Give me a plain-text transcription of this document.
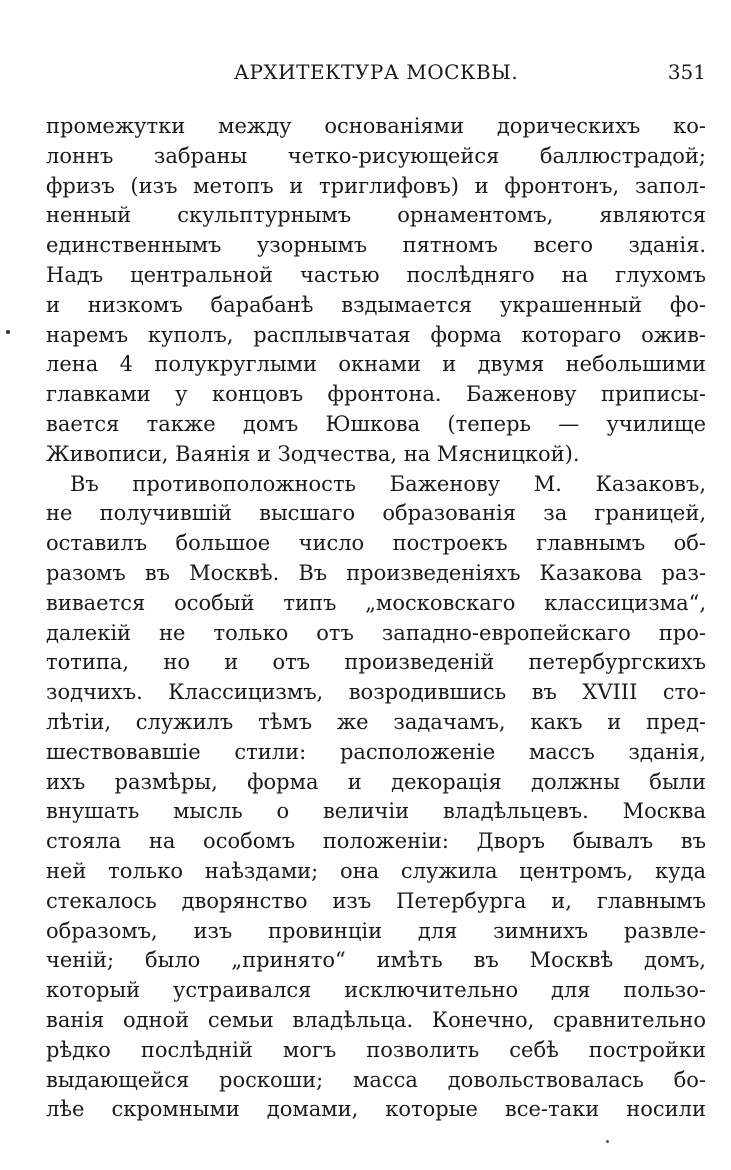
АРХИТЕКТУРА МОСКВЫ.	351
промежутки между основаніями дорическихъ ко-
лоннъ забраны четко-рисующейся баллюстрадой;
фризъ (изъ метопъ и триглифовъ) и фронтонъ, запол-
ненный скульптурнымъ орнаментомъ, являются
единственнымъ узорнымъ пятномъ всего зданія.
Надъ центральной частью послѣдняго на глухомъ
и низкомъ барабанѣ вздымается украшенный фо-
наремъ куполъ, расплывчатая форма котораго ожив-
лена 4 полукруглыми окнами и двумя небольшими
главками у концовъ фронтона. Баженову приписы-
вается также домъ Юшкова (теперь — училище
Живописи, Ваянія и Зодчества, на Мясницкой).
Въ противоположность Баженову М. Казаковъ,
не получившій высшаго образованія за границей,
оставилъ большое число построекъ главнымъ об-
разомъ въ Москвѣ. Въ произведеніяхъ Казакова раз-
вивается особый типъ „московскаго классицизма“,
далекій не только отъ западно-европейскаго про-
тотипа, но и отъ произведеній петербургскихъ
зодчихъ. Классицизмъ, возродившись въ XVIII сто-
лѣтіи, служилъ тѣмъ же задачамъ, какъ и пред-
шествовавшіе стили: расположеніе массъ зданія,
ихъ размѣры, форма и декорація должны были
внушать мысль о величіи владѣльцевъ. Москва
стояла на особомъ положеніи: Дворъ бывалъ въ
ней только наѣздами; она служила центромъ, куда
стекалось дворянство изъ Петербурга и, главнымъ
образомъ, изъ провинціи для зимнихъ развле-
ченій; было „принято“ имѣть въ Москвѣ домъ,
который устраивался исключительно для пользо-
ванія одной семьи владѣльца. Конечно, сравнительно
рѣдко послѣдній могъ позволить себѣ постройки
выдающейся роскоши; масса довольствовалась бо-
лѣе скромными домами, которые все-таки носили
